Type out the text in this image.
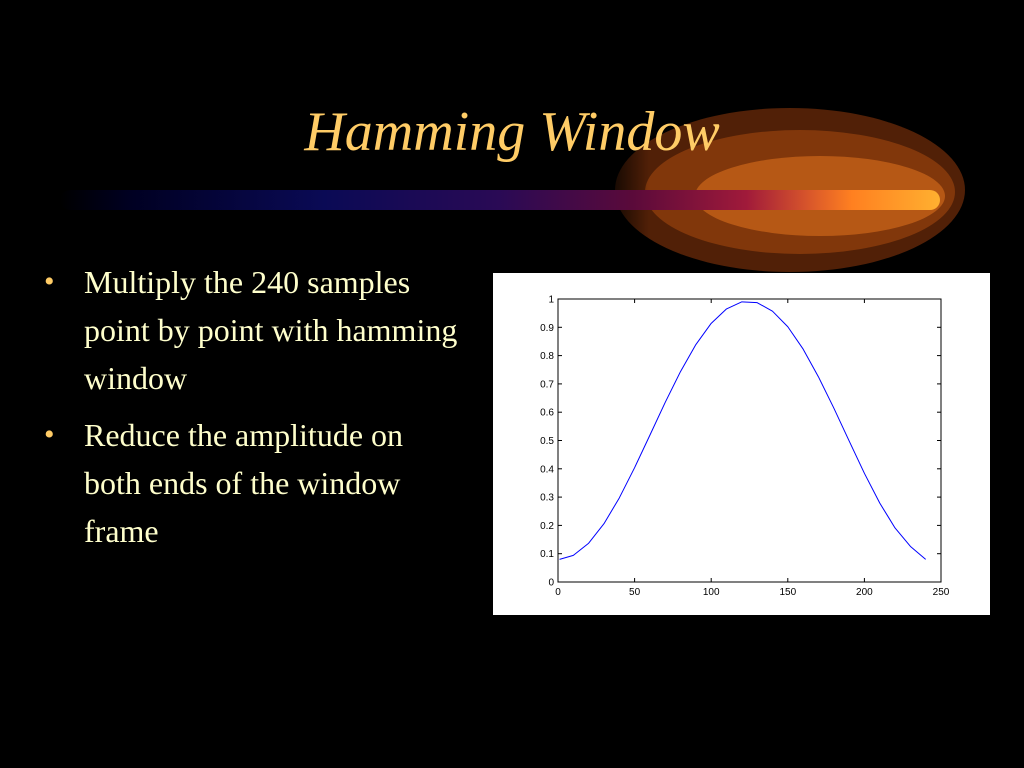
Hamming Window
• Multiply the 240 samples point by point with hamming window
• Reduce the amplitude on both ends of the window frame
0	50	100	150	200	250
0
0.1
0.2
0.3
0.4
0.5
0.6
0.7
0.8
0.9
1
